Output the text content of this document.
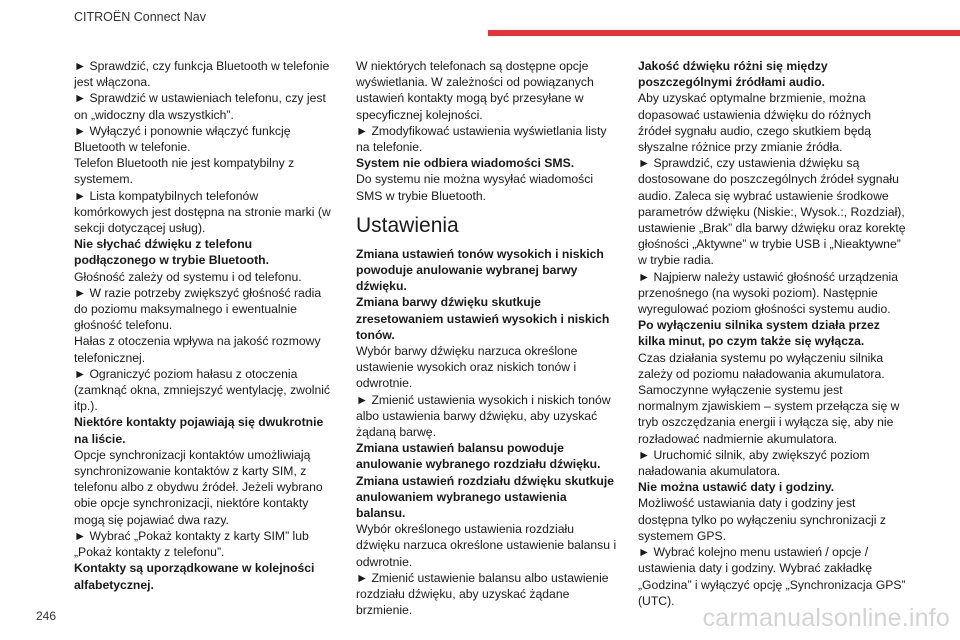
CITROËN Connect Nav

► Sprawdzić, czy funkcja Bluetooth w telefonie jest włączona.

► Sprawdzić w ustawieniach telefonu, czy jest on „widoczny dla wszystkich”.

► Wyłączyć i ponownie włączyć funkcję Bluetooth w telefonie.

Telefon Bluetooth nie jest kompatybilny z systemem.

► Lista kompatybilnych telefonów komórkowych jest dostępna na stronie marki (w sekcji dotyczącej usług).

Nie słychać dźwięku z telefonu podłączonego w trybie Bluetooth.

Głośność zależy od systemu i od telefonu.

► W razie potrzeby zwiększyć głośność radia do poziomu maksymalnego i ewentualnie głośność telefonu.

Hałas z otoczenia wpływa na jakość rozmowy telefonicznej.

► Ograniczyć poziom hałasu z otoczenia (zamknąć okna, zmniejszyć wentylację, zwolnić itp.).

Niektóre kontakty pojawiają się dwukrotnie na liście.

Opcje synchronizacji kontaktów umożliwiają synchronizowanie kontaktów z karty SIM, z telefonu albo z obydwu źródeł. Jeżeli wybrano obie opcje synchronizacji, niektóre kontakty mogą się pojawiać dwa razy.

► Wybrać „Pokaż kontakty z karty SIM” lub „Pokaż kontakty z telefonu”.

Kontakty są uporządkowane w kolejności alfabetycznej.

W niektórych telefonach są dostępne opcje wyświetlania. W zależności od powiązanych ustawień kontakty mogą być przesyłane w specyficznej kolejności.

► Zmodyfikować ustawienia wyświetlania listy na telefonie.

System nie odbiera wiadomości SMS.

Do systemu nie można wysyłać wiadomości SMS w trybie Bluetooth.

Ustawienia

Zmiana ustawień tonów wysokich i niskich powoduje anulowanie wybranej barwy dźwięku.

Zmiana barwy dźwięku skutkuje zresetowaniem ustawień wysokich i niskich tonów.

Wybór barwy dźwięku narzuca określone ustawienie wysokich oraz niskich tonów i odwrotnie.

► Zmienić ustawienia wysokich i niskich tonów albo ustawienia barwy dźwięku, aby uzyskać żądaną barwę.

Zmiana ustawień balansu powoduje anulowanie wybranego rozdziału dźwięku.

Zmiana ustawień rozdziału dźwięku skutkuje anulowaniem wybranego ustawienia balansu.

Wybór określonego ustawienia rozdziału dźwięku narzuca określone ustawienie balansu i odwrotnie.

► Zmienić ustawienie balansu albo ustawienie rozdziału dźwięku, aby uzyskać żądane brzmienie.

Jakość dźwięku różni się między poszczególnymi źródłami audio.

Aby uzyskać optymalne brzmienie, można dopasować ustawienia dźwięku do różnych źródeł sygnału audio, czego skutkiem będą słyszalne różnice przy zmianie źródła.

► Sprawdzić, czy ustawienia dźwięku są dostosowane do poszczególnych źródeł sygnału audio. Zaleca się wybrać ustawienie środkowe parametrów dźwięku (Niskie:, Wysok.:, Rozdział), ustawienie „Brak” dla barwy dźwięku oraz korektę głośności „Aktywne” w trybie USB i „Nieaktywne” w trybie radia.

► Najpierw należy ustawić głośność urządzenia przenośnego (na wysoki poziom). Następnie wyregulować poziom głośności systemu audio.

Po wyłączeniu silnika system działa przez kilka minut, po czym także się wyłącza.

Czas działania systemu po wyłączeniu silnika zależy od poziomu naładowania akumulatora.

Samoczynne wyłączenie systemu jest normalnym zjawiskiem – system przełącza się w tryb oszczędzania energii i wyłącza się, aby nie rozładować nadmiernie akumulatora.

► Uruchomić silnik, aby zwiększyć poziom naładowania akumulatora.

Nie można ustawić daty i godziny.

Możliwość ustawiania daty i godziny jest dostępna tylko po wyłączeniu synchronizacji z systemem GPS.

► Wybrać kolejno menu ustawień / opcje / ustawienia daty i godziny. Wybrać zakładkę „Godzina” i wyłączyć opcję „Synchronizacja GPS” (UTC).

246	carmanualsonline.info
